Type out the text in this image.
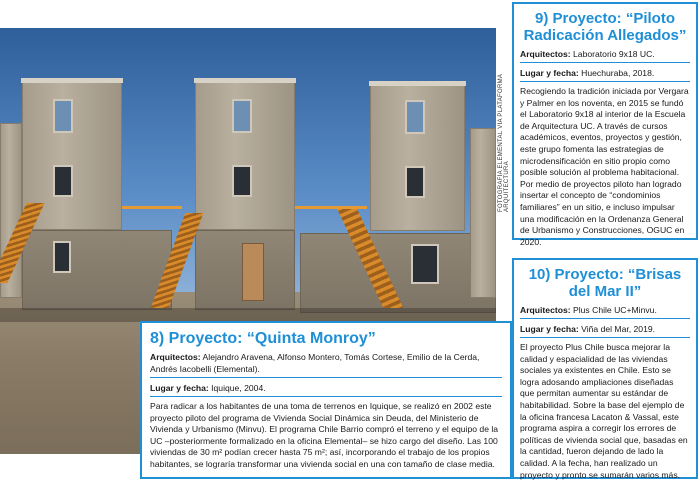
FOTOGRAFÍA ELEMENTAL VÍA PLATAFORMA ARQUITECTURA
9) Proyecto: “Piloto Radicación Allegados”
Arquitectos: Laboratorio 9x18 UC.
Lugar y fecha: Huechuraba, 2018.

Recogiendo la tradición iniciada por Vergara y Palmer en los noventa, en 2015 se fundó el Laboratorio 9x18 al interior de la Escuela de Arquitectura UC. A través de cursos académicos, eventos, proyectos y gestión, este grupo fomenta las estrategias de microdensificación en sitio propio como posible solución al problema habitacional. Por medio de proyectos piloto han logrado insertar el concepto de “condominios familiares” en un sitio, e incluso impulsar una modificación en la Ordenanza General de Urbanismo y Construcciones, OGUC en 2020.

10) Proyecto: “Brisas del Mar II”
Arquitectos: Plus Chile UC+Minvu.
Lugar y fecha: Viña del Mar, 2019.

El proyecto Plus Chile busca mejorar la calidad y espacialidad de las viviendas sociales ya existentes en Chile. Esto se logra adosando ampliaciones diseñadas que permitan aumentar su estándar de habitabilidad. Sobre la base del ejemplo de la oficina francesa Lacaton & Vassal, este programa aspira a corregir los errores de políticas de vivienda social que, basadas en la cantidad, fueron dejando de lado la calidad. A la fecha, han realizado un proyecto y pronto se sumarán varios más.

8) Proyecto: “Quinta Monroy”
Arquitectos: Alejandro Aravena, Alfonso Montero, Tomás Cortese, Emilio de la Cerda, Andrés Iacobelli (Elemental).
Lugar y fecha: Iquique, 2004.

Para radicar a los habitantes de una toma de terrenos en Iquique, se realizó en 2002 este proyecto piloto del programa de Vivienda Social Dinámica sin Deuda, del Ministerio de Vivienda y Urbanismo (Minvu). El programa Chile Barrio compró el terreno y el equipo de la UC –posteriormente formalizado en la oficina Elemental– se hizo cargo del diseño. Las 100 viviendas de 30 m² podían crecer hasta 75 m²; así, incorporando el trabajo de los propios habitantes, se lograría transformar una vivienda social en una con tamaño de clase media.
